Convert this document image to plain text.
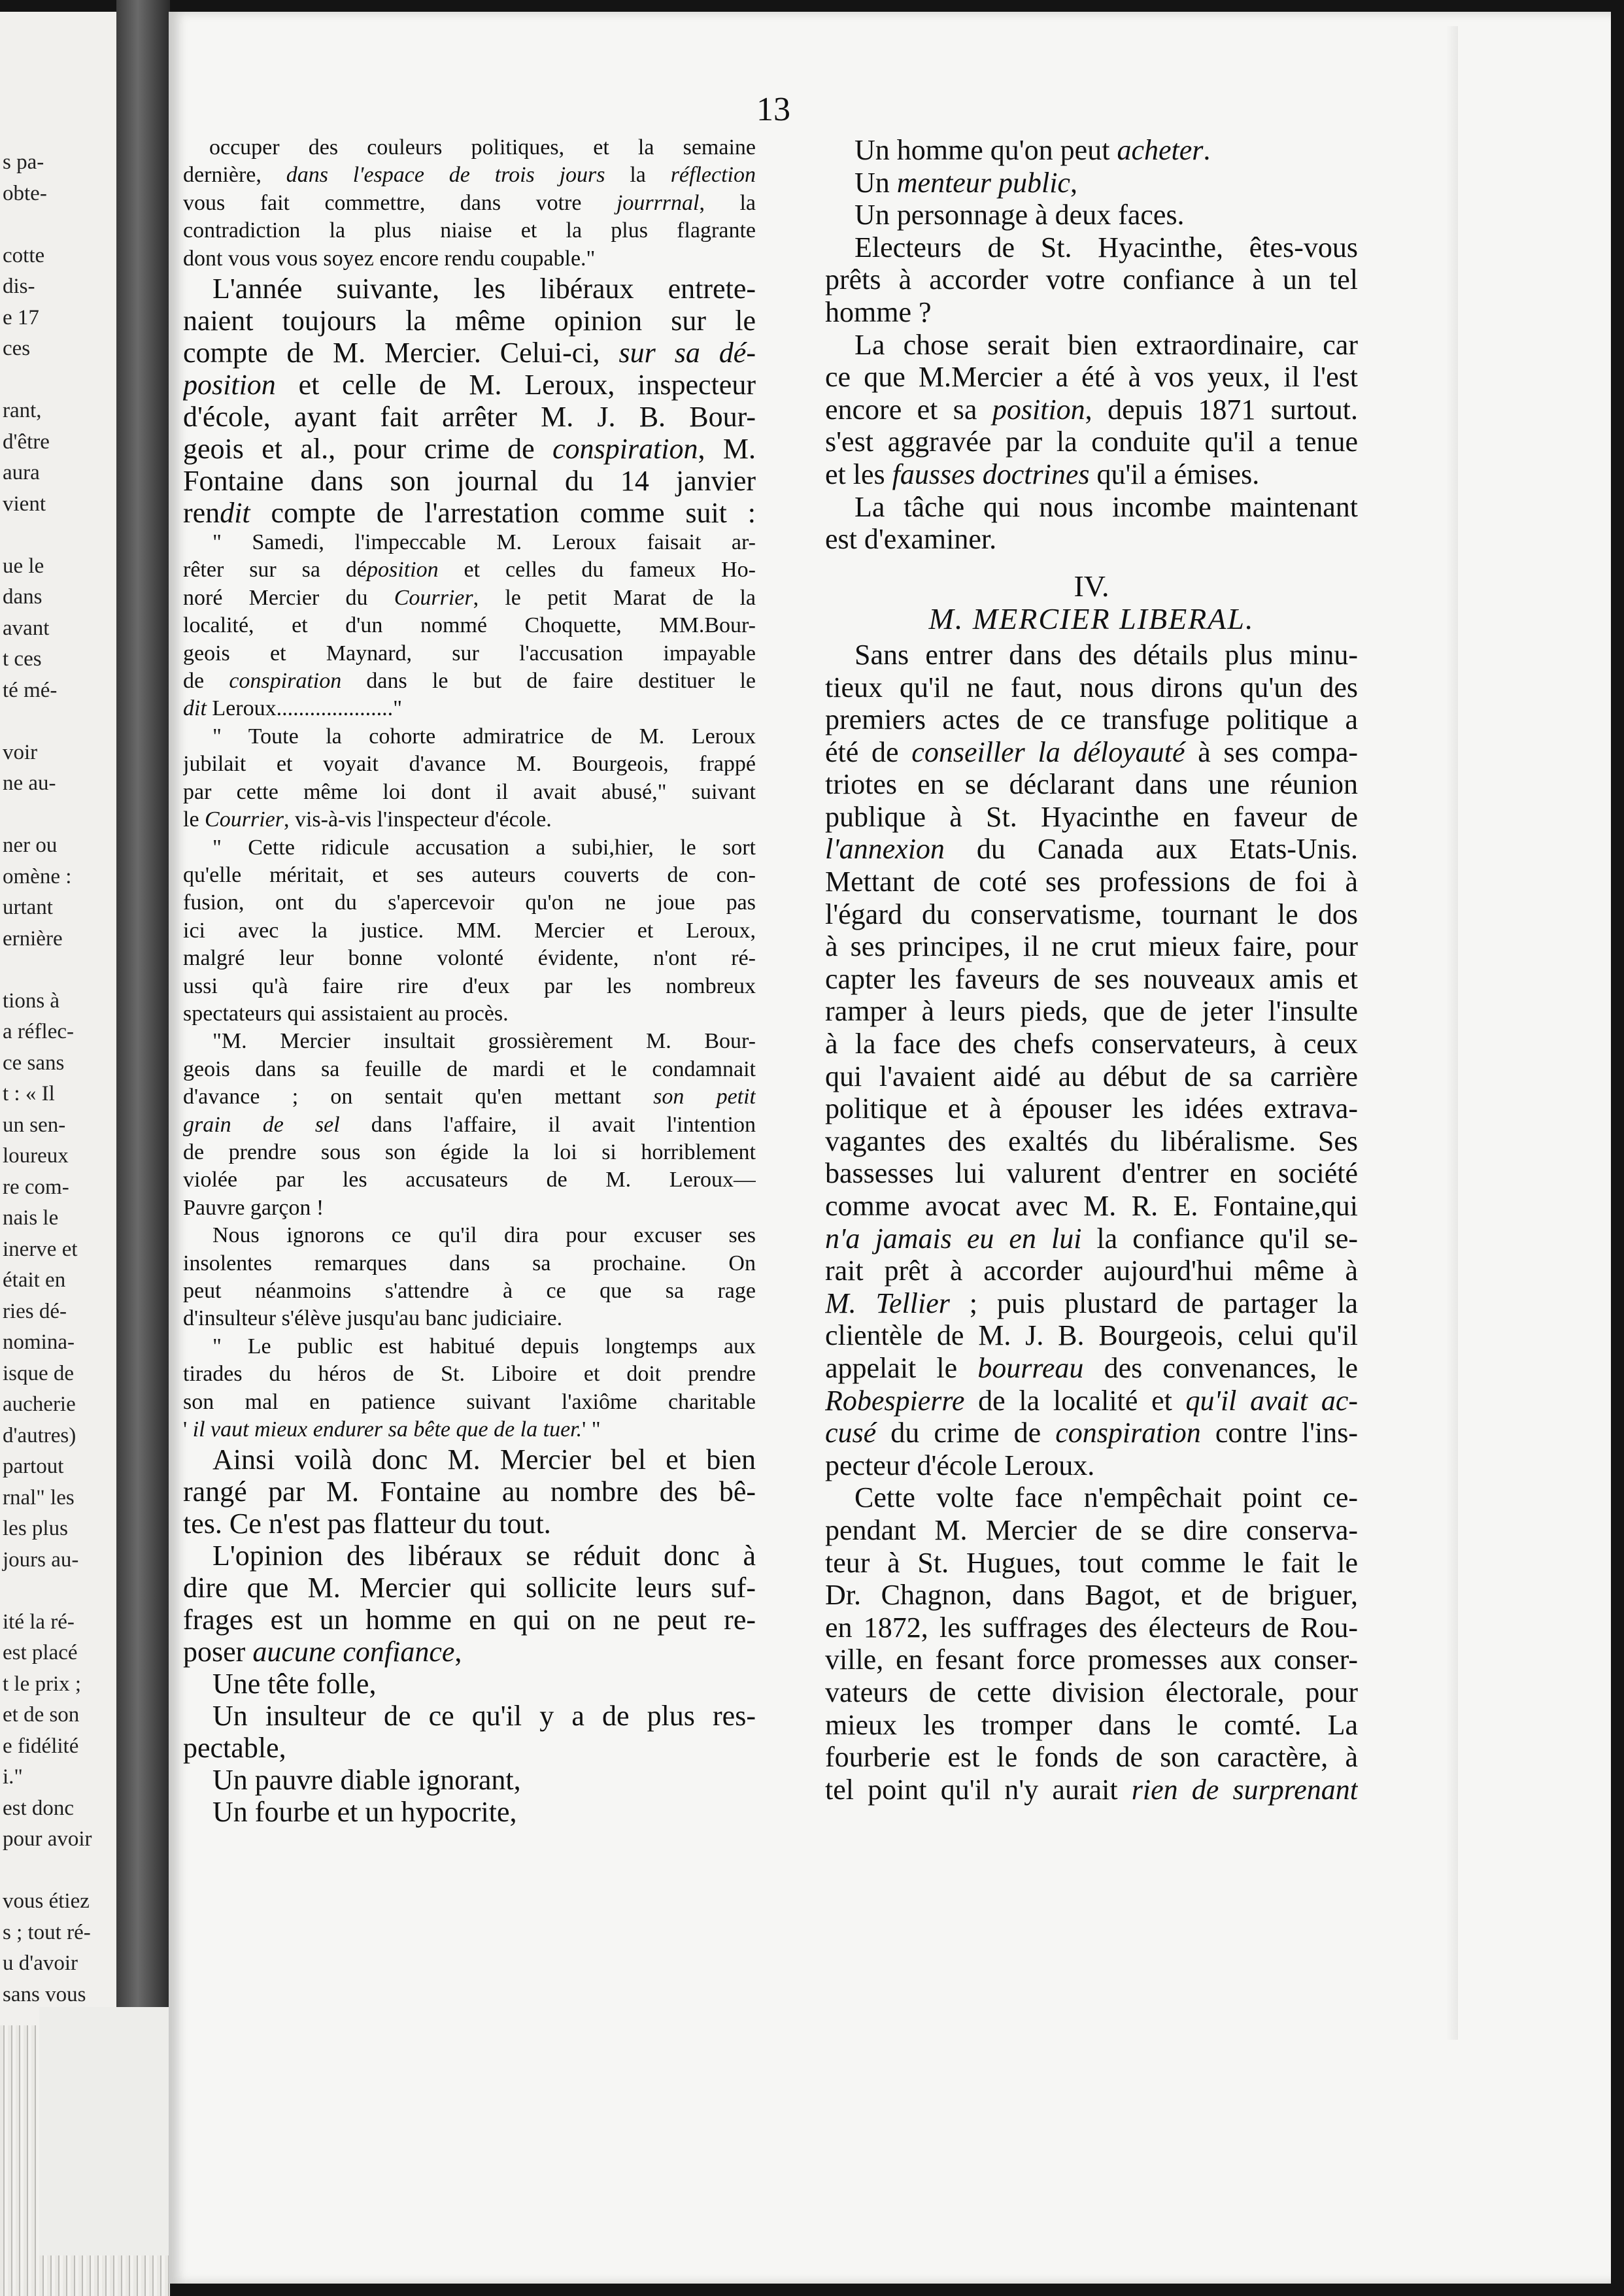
s pa-
obte-
cotte
dis-
e 17
ces
rant,
d'être
aura
vient
ue le
dans
avant
t ces
té mé-
voir
ne au-
ner ou
omène :
urtant
ernière
tions à
a réflec-
ce sans
t : « Il
un sen-
loureux
re com-
nais le
inerve et
était en
ries dé-
nomina-
isque de
aucherie
d'autres)
partout
rnal" les
les plus
jours au-
ité la ré-
est placé
t le prix ;
et de son
e fidélité
i."
est donc
pour avoir
vous étiez
s ; tout ré-
u d'avoir
sans vous
13
occuper des couleurs politiques, et la semaine
dernière, dans l'espace de trois jours la réflection
vous fait commettre, dans votre jourrrnal, la
contradiction la plus niaise et la plus flagrante
dont vous vous soyez encore rendu coupable."
L'année suivante, les libéraux entrete-
naient toujours la même opinion sur le
compte de M. Mercier. Celui-ci, sur sa dé-
position et celle de M. Leroux, inspecteur
d'école, ayant fait arrêter M. J. B. Bour-
geois et al., pour crime de conspiration, M.
Fontaine dans son journal du 14 janvier
rendit compte de l'arrestation comme suit :
" Samedi, l'impeccable M. Leroux faisait ar-
rêter sur sa déposition et celles du fameux Ho-
noré Mercier du Courrier, le petit Marat de la
localité, et d'un nommé Choquette, MM.Bour-
geois et Maynard, sur l'accusation impayable
de conspiration dans le but de faire destituer le
dit Leroux....................."
" Toute la cohorte admiratrice de M. Leroux
jubilait et voyait d'avance M. Bourgeois, frappé
par cette même loi dont il avait abusé," suivant
le Courrier, vis-à-vis l'inspecteur d'école.
" Cette ridicule accusation a subi,hier, le sort
qu'elle méritait, et ses auteurs couverts de con-
fusion, ont du s'apercevoir qu'on ne joue pas
ici avec la justice. MM. Mercier et Leroux,
malgré leur bonne volonté évidente, n'ont ré-
ussi qu'à faire rire d'eux par les nombreux
spectateurs qui assistaient au procès.
"M. Mercier insultait grossièrement M. Bour-
geois dans sa feuille de mardi et le condamnait
d'avance ; on sentait qu'en mettant son petit
grain de sel dans l'affaire, il avait l'intention
de prendre sous son égide la loi si horriblement
violée par les accusateurs de M. Leroux—
Pauvre garçon !
Nous ignorons ce qu'il dira pour excuser ses
insolentes remarques dans sa prochaine. On
peut néanmoins s'attendre à ce que sa rage
d'insulteur s'élève jusqu'au banc judiciaire.
" Le public est habitué depuis longtemps aux
tirades du héros de St. Liboire et doit prendre
son mal en patience suivant l'axiôme charitable
' il vaut mieux endurer sa bête que de la tuer.' "
Ainsi voilà donc M. Mercier bel et bien
rangé par M. Fontaine au nombre des bê-
tes. Ce n'est pas flatteur du tout.
L'opinion des libéraux se réduit donc à
dire que M. Mercier qui sollicite leurs suf-
frages est un homme en qui on ne peut re-
poser aucune confiance,
Une tête folle,
Un insulteur de ce qu'il y a de plus res-
pectable,
Un pauvre diable ignorant,
Un fourbe et un hypocrite,
Un homme qu'on peut acheter.
Un menteur public,
Un personnage à deux faces.
Electeurs de St. Hyacinthe, êtes-vous
prêts à accorder votre confiance à un tel
homme ?
La chose serait bien extraordinaire, car
ce que M.Mercier a été à vos yeux, il l'est
encore et sa position, depuis 1871 surtout.
s'est aggravée par la conduite qu'il a tenue
et les fausses doctrines qu'il a émises.
La tâche qui nous incombe maintenant
est d'examiner.
IV.
M. MERCIER LIBERAL.
Sans entrer dans des détails plus minu-
tieux qu'il ne faut, nous dirons qu'un des
premiers actes de ce transfuge politique a
été de conseiller la déloyauté à ses compa-
triotes en se déclarant dans une réunion
publique à St. Hyacinthe en faveur de
l'annexion du Canada aux Etats-Unis.
Mettant de coté ses professions de foi à
l'égard du conservatisme, tournant le dos
à ses principes, il ne crut mieux faire, pour
capter les faveurs de ses nouveaux amis et
ramper à leurs pieds, que de jeter l'insulte
à la face des chefs conservateurs, à ceux
qui l'avaient aidé au début de sa carrière
politique et à épouser les idées extrava-
vagantes des exaltés du libéralisme. Ses
bassesses lui valurent d'entrer en société
comme avocat avec M. R. E. Fontaine,qui
n'a jamais eu en lui la confiance qu'il se-
rait prêt à accorder aujourd'hui même à
M. Tellier ; puis plustard de partager la
clientèle de M. J. B. Bourgeois, celui qu'il
appelait le bourreau des convenances, le
Robespierre de la localité et qu'il avait ac-
cusé du crime de conspiration contre l'ins-
pecteur d'école Leroux.
Cette volte face n'empêchait point ce-
pendant M. Mercier de se dire conserva-
teur à St. Hugues, tout comme le fait le
Dr. Chagnon, dans Bagot, et de briguer,
en 1872, les suffrages des électeurs de Rou-
ville, en fesant force promesses aux conser-
vateurs de cette division électorale, pour
mieux les tromper dans le comté. La
fourberie est le fonds de son caractère, à
tel point qu'il n'y aurait rien de surprenant
